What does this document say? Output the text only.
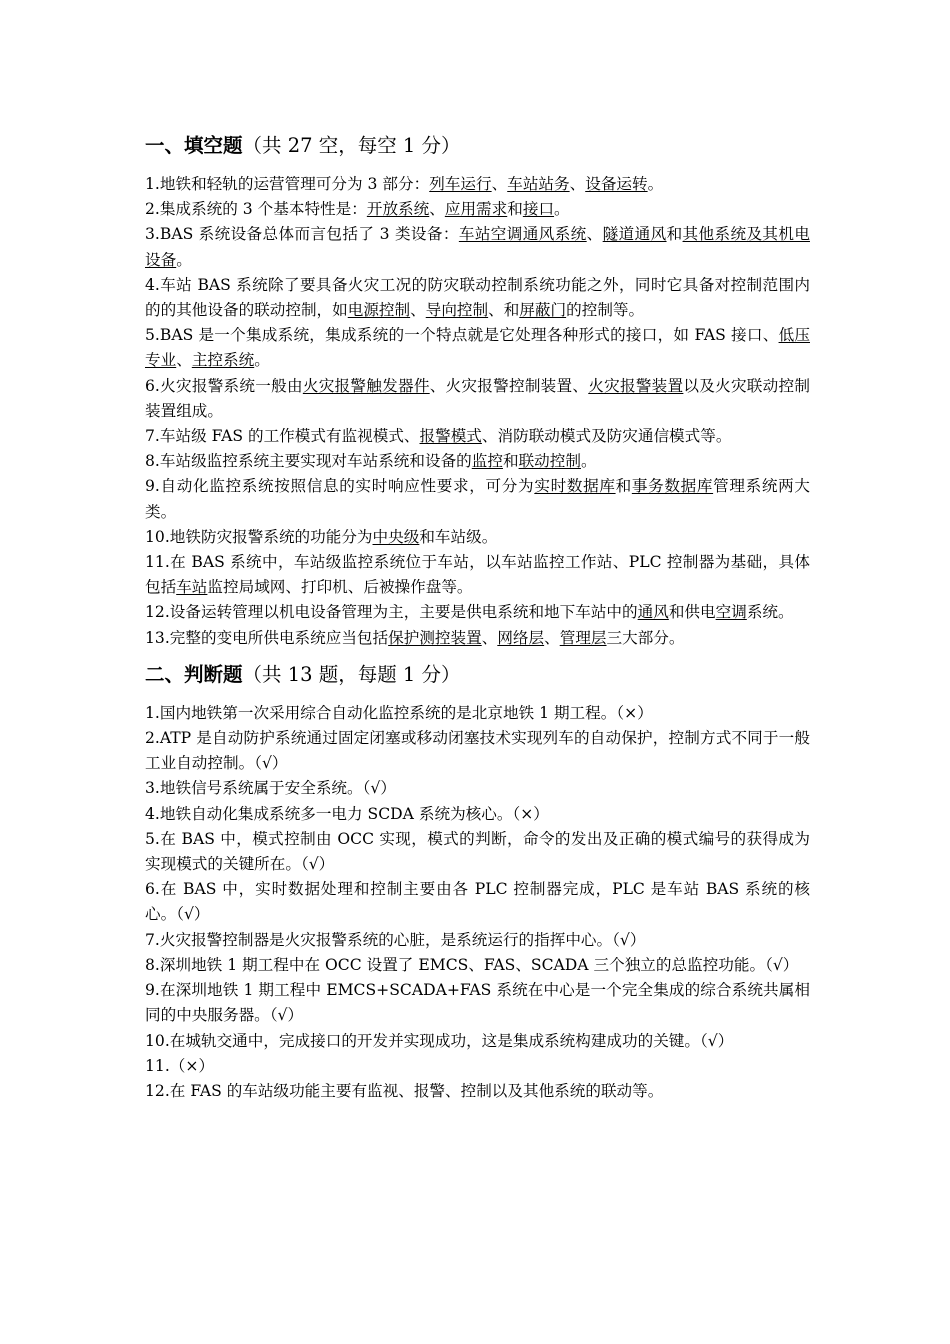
一、填空题（共 27 空，每空 1 分）

1.地铁和轻轨的运营管理可分为 3 部分：列车运行、车站站务、设备运转。

2.集成系统的 3 个基本特性是：开放系统、应用需求和接口。

3.BAS 系统设备总体而言包括了 3 类设备：车站空调通风系统、隧道通风和其他系统及其机电设备。

4.车站 BAS 系统除了要具备火灾工况的防灾联动控制系统功能之外，同时它具备对控制范围内的的其他设备的联动控制，如电源控制、导向控制、和屏蔽门的控制等。

5.BAS 是一个集成系统，集成系统的一个特点就是它处理各种形式的接口，如 FAS 接口、低压专业、主控系统。

6.火灾报警系统一般由火灾报警触发器件、火灾报警控制装置、火灾报警装置以及火灾联动控制装置组成。

7.车站级 FAS 的工作模式有监视模式、报警模式、消防联动模式及防灾通信模式等。

8.车站级监控系统主要实现对车站系统和设备的监控和联动控制。

9.自动化监控系统按照信息的实时响应性要求，可分为实时数据库和事务数据库管理系统两大类。

10.地铁防灾报警系统的功能分为中央级和车站级。

11.在 BAS 系统中，车站级监控系统位于车站，以车站监控工作站、PLC 控制器为基础，具体包括车站监控局域网、打印机、后被操作盘等。

12.设备运转管理以机电设备管理为主，主要是供电系统和地下车站中的通风和供电空调系统。

13.完整的变电所供电系统应当包括保护测控装置、网络层、管理层三大部分。

二、判断题（共 13 题，每题 1 分）

1.国内地铁第一次采用综合自动化监控系统的是北京地铁 1 期工程。（×）

2.ATP 是自动防护系统通过固定闭塞或移动闭塞技术实现列车的自动保护，控制方式不同于一般工业自动控制。（√）

3.地铁信号系统属于安全系统。（√）

4.地铁自动化集成系统多一电力 SCDA 系统为核心。（×）

5.在 BAS 中，模式控制由 OCC 实现，模式的判断，命令的发出及正确的模式编号的获得成为实现模式的关键所在。（√）

6.在 BAS 中，实时数据处理和控制主要由各 PLC 控制器完成，PLC 是车站 BAS 系统的核心。（√）

7.火灾报警控制器是火灾报警系统的心脏，是系统运行的指挥中心。（√）

8.深圳地铁 1 期工程中在 OCC 设置了 EMCS、FAS、SCADA 三个独立的总监控功能。（√）

9.在深圳地铁 1 期工程中 EMCS+SCADA+FAS 系统在中心是一个完全集成的综合系统共属相同的中央服务器。（√）

10.在城轨交通中，完成接口的开发并实现成功，这是集成系统构建成功的关键。（√）

11.（×）

12.在 FAS 的车站级功能主要有监视、报警、控制以及其他系统的联动等。
